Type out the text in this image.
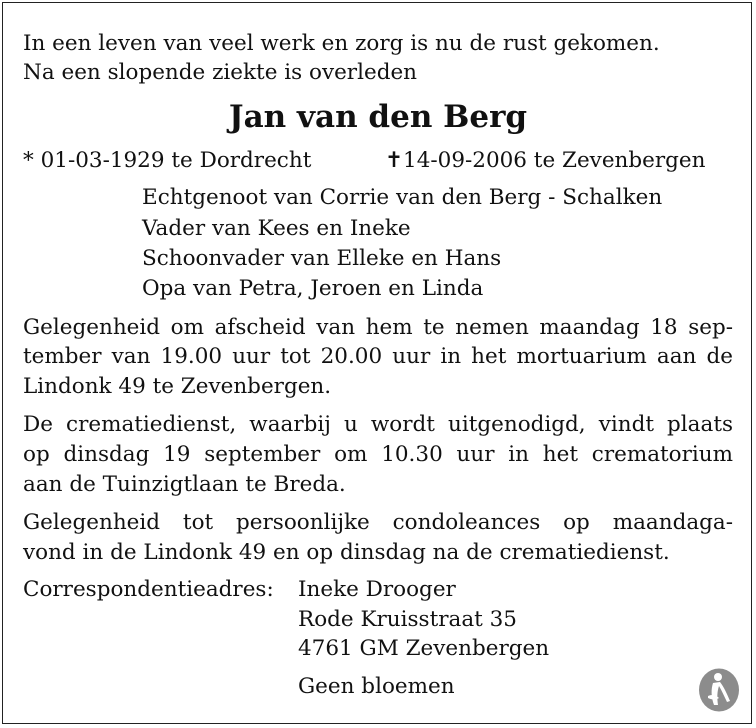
In een leven van veel werk en zorg is nu de rust gekomen.
Na een slopende ziekte is overleden
Jan van den Berg
* 01-03-1929 te Dordrecht	✝14-09-2006 te Zevenbergen
Echtgenoot van Corrie van den Berg - Schalken
Vader van Kees en Ineke
Schoonvader van Elleke en Hans
Opa van Petra, Jeroen en Linda
Gelegenheid om afscheid van hem te nemen maandag 18 sep-
tember van 19.00 uur tot 20.00 uur in het mortuarium aan de
Lindonk 49 te Zevenbergen.
De crematiedienst, waarbij u wordt uitgenodigd, vindt plaats
op dinsdag 19 september om 10.30 uur in het crematorium
aan de Tuinzigtlaan te Breda.
Gelegenheid tot persoonlijke condoleances op maandaga-
vond in de Lindonk 49 en op dinsdag na de crematiedienst.
Correspondentieadres: Ineke Drooger
Rode Kruisstraat 35
4761 GM Zevenbergen
Geen bloemen
